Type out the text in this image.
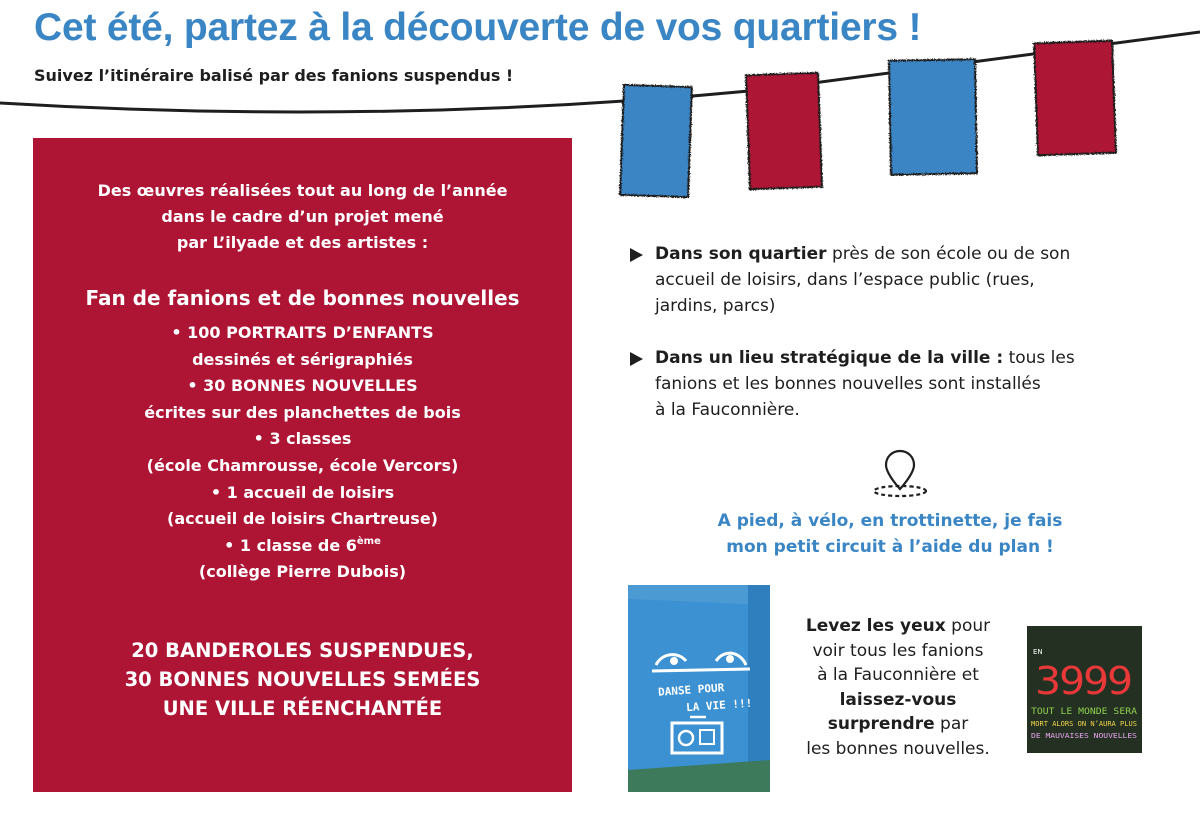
Cet été, partez à la découverte de vos quartiers !

Suivez l’itinéraire balisé par des fanions suspendus !

Des œuvres réalisées tout au long de l’année
dans le cadre d’un projet mené
par L’ilyade et des artistes :
Fan de fanions et de bonnes nouvelles
• 100 PORTRAITS D’ENFANTS
dessinés et sérigraphiés
• 30 BONNES NOUVELLES
écrites sur des planchettes de bois
• 3 classes
(école Chamrousse, école Vercors)
• 1 accueil de loisirs
(accueil de loisirs Chartreuse)
• 1 classe de 6ème
(collège Pierre Dubois)
20 BANDEROLES SUSPENDUES,
30 BONNES NOUVELLES SEMÉES
UNE VILLE RÉENCHANTÉE
Dans son quartier près de son école ou de son
accueil de loisirs, dans l’espace public (rues,
jardins, parcs)
Dans un lieu stratégique de la ville : tous les
fanions et les bonnes nouvelles sont installés
à la Fauconnière.
A pied, à vélo, en trottinette, je fais
mon petit circuit à l’aide du plan !
DANSE POUR
LA VIE !!!
Levez les yeux pour
voir tous les fanions
à la Fauconnière et
laissez-vous
surprendre par
les bonnes nouvelles.
EN
3999
TOUT LE MONDE SERA
MORT ALORS ON N’AURA PLUS
DE MAUVAISES NOUVELLES
